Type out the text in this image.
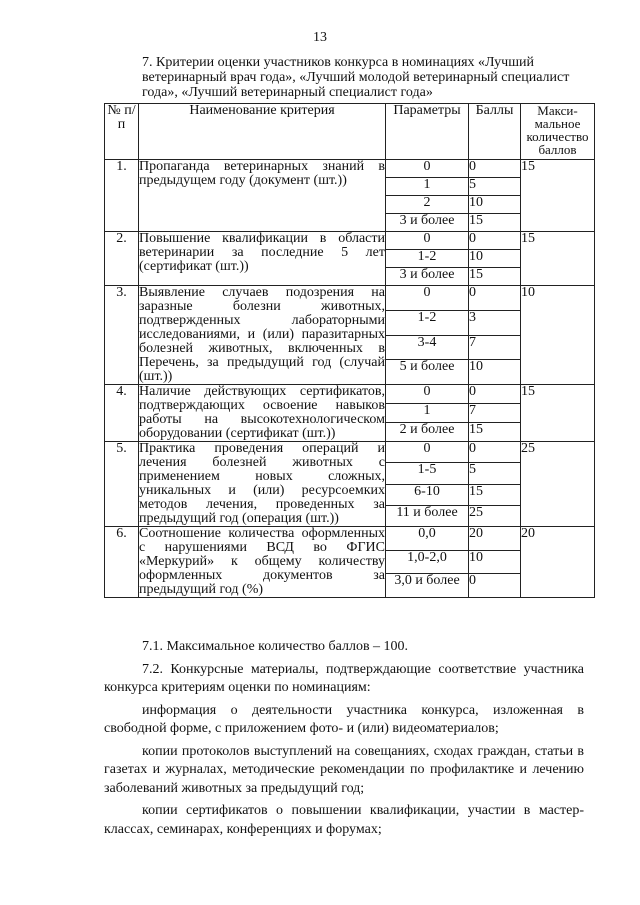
13
7. Критерии оценки участников конкурса в номинациях «Лучший ветеринарный врач года», «Лучший молодой ветеринарный специалист года», «Лучший ветеринарный специалист года»
№ п/п	Наименование критерия	Параметры	Баллы	Макси-мальное количество баллов
1.	Пропаганда ветеринарных знаний в предыдущем году (документ (шт.))	0	0	15
		1	5	
		2	10	
		3 и более	15	
2.	Повышение квалификации в области ветеринарии за последние 5 лет (сертификат (шт.))	0	0	15
		1-2	10	
		3 и более	15	
3.	Выявление случаев подозрения на заразные болезни животных, подтвержденных лабораторными исследованиями, и (или) паразитарных болезней животных, включенных в Перечень, за предыдущий год (случай (шт.))	0	0	10
		1-2	3	
		3-4	7	
		5 и более	10	
4.	Наличие действующих сертификатов, подтверждающих освоение навыков работы на высокотехнологическом оборудовании (сертификат (шт.))	0	0	15
		1	7	
		2 и более	15	
5.	Практика проведения операций и лечения болезней животных с применением новых сложных, уникальных и (или) ресурсоемких методов лечения, проведенных за предыдущий год (операция (шт.))	0	0	25
		1-5	5	
		6-10	15	
		11 и более	25	
6.	Соотношение количества оформленных с нарушениями ВСД во ФГИС «Меркурий» к общему количеству оформленных документов за предыдущий год (%)	0,0	20	20
		1,0-2,0	10	
		3,0 и более	0	

7.1. Максимальное количество баллов – 100.

7.2. Конкурсные материалы, подтверждающие соответствие участника конкурса критериям оценки по номинациям:

информация о деятельности участника конкурса, изложенная в свободной форме, с приложением фото- и (или) видеоматериалов;

копии протоколов выступлений на совещаниях, сходах граждан, статьи в газетах и журналах, методические рекомендации по профилактике и лечению заболеваний животных за предыдущий год;

копии сертификатов о повышении квалификации, участии в мастер-классах, семинарах, конференциях и форумах;
